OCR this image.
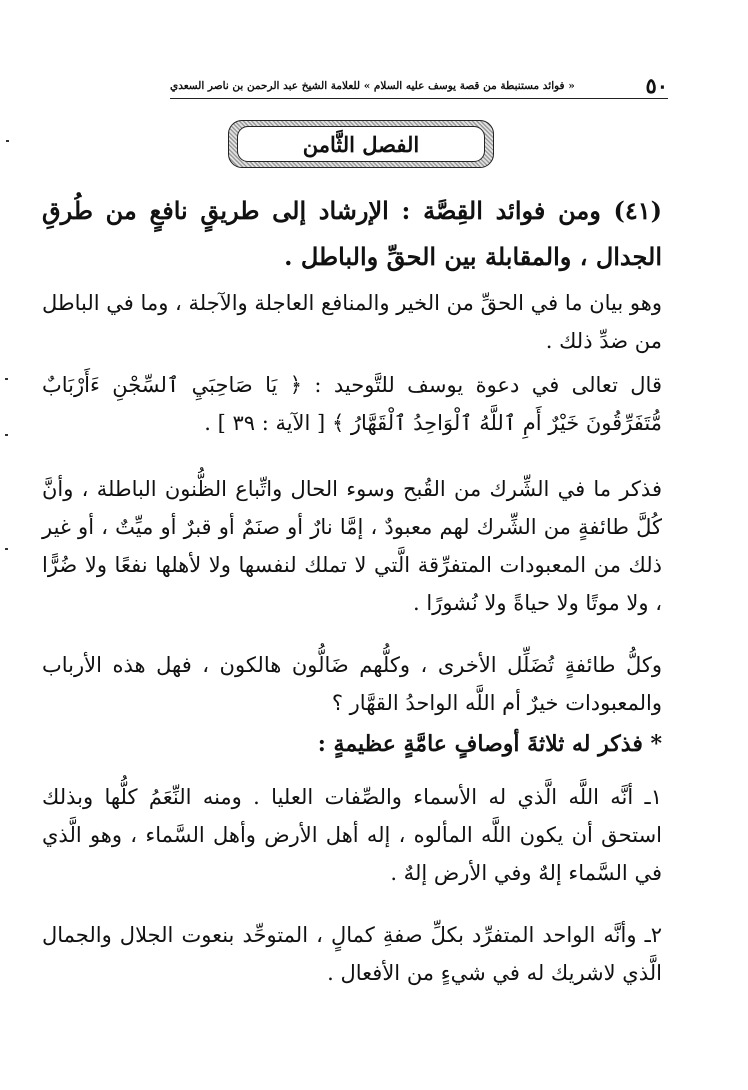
٥٠
« فوائد مستنبطة من قصة يوسف عليه السلام » للعلامة الشيخ عبد الرحمن بن ناصر السعدي
الفصل الثَّامن

(٤١) ومن فوائد القِصَّة : الإرشاد إلى طريقٍ نافعٍ من طُرقِ الجدال ، والمقابلة بين الحقِّ والباطل .

وهو بيان ما في الحقِّ من الخير والمنافع العاجلة والآجلة ، وما في الباطل من ضدِّ ذلك .

قال تعالى في دعوة يوسف للتَّوحيد : ﴿ يَا صَاحِبَيِ ٱلسِّجْنِ ءَأَرْبَابٌ مُّتَفَرِّقُونَ خَيْرٌ أَمِ ٱللَّهُ ٱلْوَاحِدُ ٱلْقَهَّارُ ﴾ [ الآية : ٣٩ ] .

فذكر ما في الشِّرك من القُبح وسوء الحال واتِّباع الظُّنون الباطلة ، وأنَّ كُلَّ طائفةٍ من الشِّرك لهم معبودٌ ، إمَّا نارٌ أو صنَمٌ أو قبرٌ أو ميِّتٌ ، أو غير ذلك من المعبودات المتفرِّقة الَّتي لا تملك لنفسها ولا لأهلها نفعًا ولا ضُرًّا ، ولا موتًا ولا حياةً ولا نُشورًا .

وكلُّ طائفةٍ تُضَلِّل الأخرى ، وكلُّهم ضَالُّون هالكون ، فهل هذه الأرباب والمعبودات خيرٌ أم اللَّه الواحدُ القهَّار ؟

* فذكر له ثلاثةَ أوصافٍ عامَّةٍ عظيمةٍ :

١ـ أنَّه اللَّه الَّذي له الأسماء والصِّفات العليا . ومنه النِّعَمُ كلُّها وبذلك استحق أن يكون اللَّه المألوه ، إله أهل الأرض وأهل السَّماء ، وهو الَّذي في السَّماء إلهٌ وفي الأرض إلهٌ .

٢ـ وأنَّه الواحد المتفرِّد بكلِّ صفةِ كمالٍ ، المتوحِّد بنعوت الجلال والجمال الَّذي لاشريك له في شيءٍ من الأفعال .
